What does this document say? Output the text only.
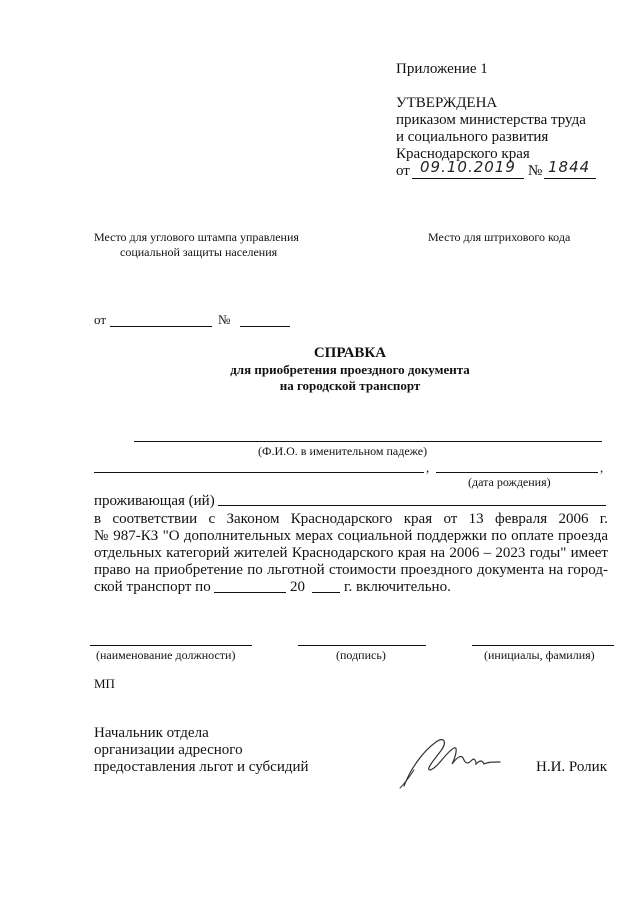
Приложение 1
УТВЕРЖДЕНА
приказом министерства труда
и социального развития
Краснодарского края
от 09.10.2019 № 1844
Место для углового штампа управления
социальной защиты населения
Место для штрихового кода
от	№
СПРАВКА
для приобретения проездного документа
на городской транспорт
(Ф.И.О. в именительном падеже)
,	,
(дата рождения)
проживающая (ий)
в соответствии с Законом Краснодарского края от 13 февраля 2006 г.
№ 987-КЗ "О дополнительных мерах социальной поддержки по оплате проезда
отдельных категорий жителей Краснодарского края на 2006 – 2023 годы" имеет
право на приобретение по льготной стоимости проездного документа на город-
ской транспорт по	20	г. включительно.
(наименование должности)	(подпись)	(инициалы, фамилия)
МП
Начальник отдела
организации адресного
предоставления льгот и субсидий	Н.И. Ролик
